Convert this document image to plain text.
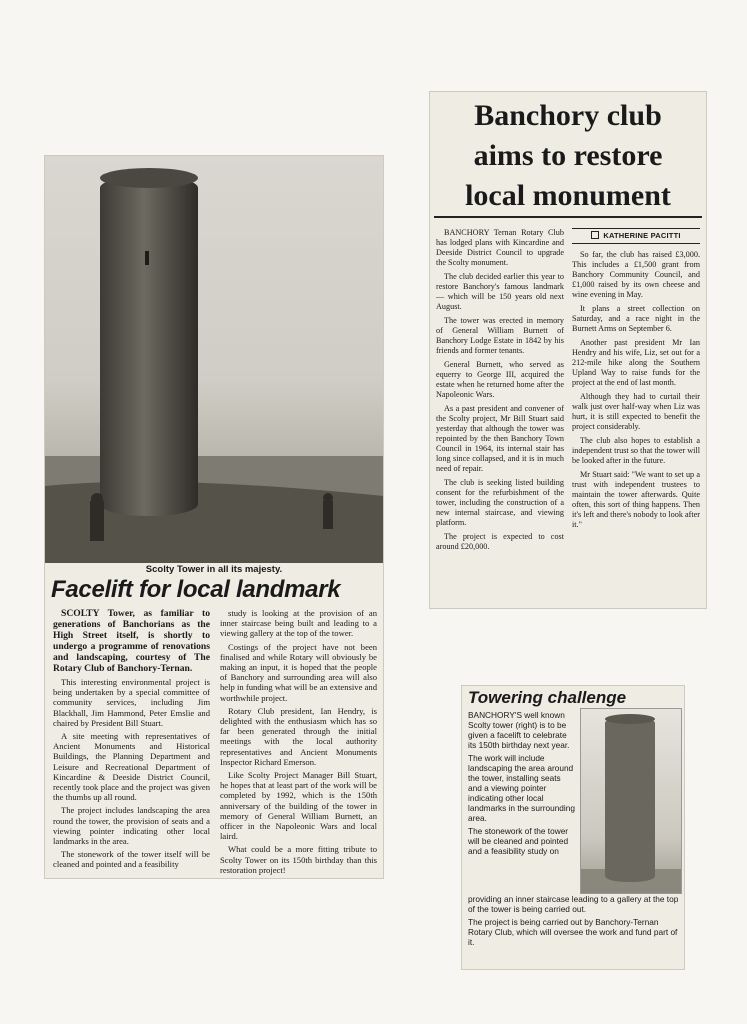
Banchory club
aims to restore
local monument

BANCHORY Ternan Rotary Club has lodged plans with Kincardine and Deeside District Council to upgrade the Scolty monument.

The club decided earlier this year to restore Banchory's famous landmark — which will be 150 years old next August.

The tower was erected in memory of General William Burnett of Banchory Lodge Estate in 1842 by his friends and former tenants.

General Burnett, who served as equerry to George III, acquired the estate when he returned home after the Napoleonic Wars.

As a past president and convener of the Scolty project, Mr Bill Stuart said yesterday that although the tower was repointed by the then Banchory Town Council in 1964, its internal stair has long since collapsed, and it is in much need of repair.

The club is seeking listed building consent for the refurbishment of the tower, including the construction of a new internal staircase, and viewing platform.

The project is expected to cost around £20,000.

KATHERINE PACITTI

So far, the club has raised £3,000. This includes a £1,500 grant from Banchory Community Council, and £1,000 raised by its own cheese and wine evening in May.

It plans a street collection on Saturday, and a race night in the Burnett Arms on September 6.

Another past president Mr Ian Hendry and his wife, Liz, set out for a 212-mile hike along the Southern Upland Way to raise funds for the project at the end of last month.

Although they had to curtail their walk just over half-way when Liz was hurt, it is still expected to benefit the project considerably.

The club also hopes to establish a independent trust so that the tower will be looked after in the future.

Mr Stuart said: "We want to set up a trust with independent trustees to maintain the tower afterwards. Quite often, this sort of thing happens. Then it's left and there's nobody to look after it."

Scolty Tower in all its majesty.
Facelift for local landmark

SCOLTY Tower, as familiar to generations of Banchorians as the High Street itself, is shortly to undergo a programme of renovations and landscaping, courtesy of The Rotary Club of Banchory-Ternan.

This interesting environmental project is being undertaken by a special committee of community services, including Jim Blackhall, Jim Hammond, Peter Emslie and chaired by President Bill Stuart.

A site meeting with representatives of Ancient Monuments and Historical Buildings, the Planning Department and Leisure and Recreational Department of Kincardine & Deeside District Council, recently took place and the project was given the thumbs up all round.

The project includes landscaping the area round the tower, the provision of seats and a viewing pointer indicating other local landmarks in the area.

The stonework of the tower itself will be cleaned and pointed and a feasibility

study is looking at the provision of an inner staircase being built and leading to a viewing gallery at the top of the tower.

Costings of the project have not been finalised and while Rotary will obviously be making an input, it is hoped that the people of Banchory and surrounding area will also help in funding what will be an extensive and worthwhile project.

Rotary Club president, Ian Hendry, is delighted with the enthusiasm which has so far been generated through the initial meetings with the local authority representatives and Ancient Monuments Inspector Richard Emerson.

Like Scolty Project Manager Bill Stuart, he hopes that at least part of the work will be completed by 1992, which is the 150th anniversary of the building of the tower in memory of General William Burnett, an officer in the Napoleonic Wars and local laird.

What could be a more fitting tribute to Scolty Tower on its 150th birthday than this restoration project!

Towering challenge

BANCHORY'S well known Scolty tower (right) is to be given a facelift to celebrate its 150th birthday next year.

The work will include landscaping the area around the tower, installing seats and a viewing pointer indicating other local landmarks in the surrounding area.

The stonework of the tower will be cleaned and pointed and a feasibility study on

providing an inner staircase leading to a gallery at the top of the tower is being carried out.

The project is being carried out by Banchory-Ternan Rotary Club, which will oversee the work and fund part of it.
